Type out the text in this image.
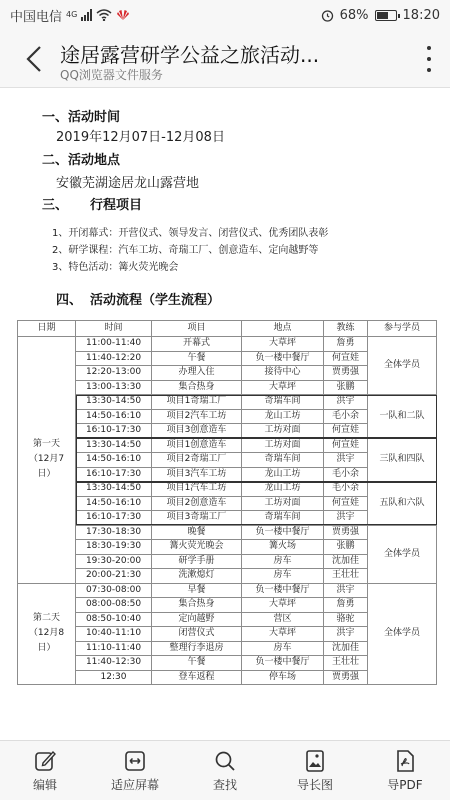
中国电信 4G	68%	18:20
途居露营研学公益之旅活动...
QQ浏览器文件服务
一、活动时间
2019年12月07日-12月08日
二、活动地点
安徽芜湖途居龙山露营地
三、 行程项目
1、开闭幕式：开营仪式、领导发言、闭营仪式、优秀团队表彰
2、研学课程：汽车工坊、奇瑞工厂、创意造车、定向越野等
3、特色活动：篝火荧光晚会
四、 活动流程（学生流程）
日期	时间	项目	地点	教练	参与学员
第一天（12月7日）	11:00-11:40	开幕式	大草坪	詹勇	全体学员
	11:40-12:20	午餐	负一楼中餐厅	何宣娃	
	12:20-13:00	办理入住	接待中心	贾勇强	
	13:00-13:30	集合热身	大草坪	张鹏	
	13:30-14:50	项目1奇瑞工厂	奇瑞车间	洪宇	一队和二队
	14:50-16:10	项目2汽车工坊	龙山工坊	毛小余	
	16:10-17:30	项目3创意造车	工坊对面	何宣娃	
	13:30-14:50	项目1创意造车	工坊对面	何宣娃	三队和四队
	14:50-16:10	项目2奇瑞工厂	奇瑞车间	洪宇	
	16:10-17:30	项目3汽车工坊	龙山工坊	毛小余	
	13:30-14:50	项目1汽车工坊	龙山工坊	毛小余	五队和六队
	14:50-16:10	项目2创意造车	工坊对面	何宣娃	
	16:10-17:30	项目3奇瑞工厂	奇瑞车间	洪宇	
	17:30-18:30	晚餐	负一楼中餐厅	贾勇强	全体学员
	18:30-19:30	篝火荧光晚会	篝火场	张鹏	
	19:30-20:00	研学手册	房车	沈加佳	
	20:00-21:30	洗漱熄灯	房车	王壮壮	
第二天（12月8日）	07:30-08:00	早餐	负一楼中餐厅	洪宇	全体学员
	08:00-08:50	集合热身	大草坪	詹勇	
	08:50-10:40	定向越野	营区	骆驼	
	10:40-11:10	闭营仪式	大草坪	洪宇	
	11:10-11:40	整理行李退房	房车	沈加佳	
	11:40-12:30	午餐	负一楼中餐厅	王壮壮	
	12:30	登车返程	停车场	贾勇强	
编辑	适应屏幕	查找	导长图	导PDF
